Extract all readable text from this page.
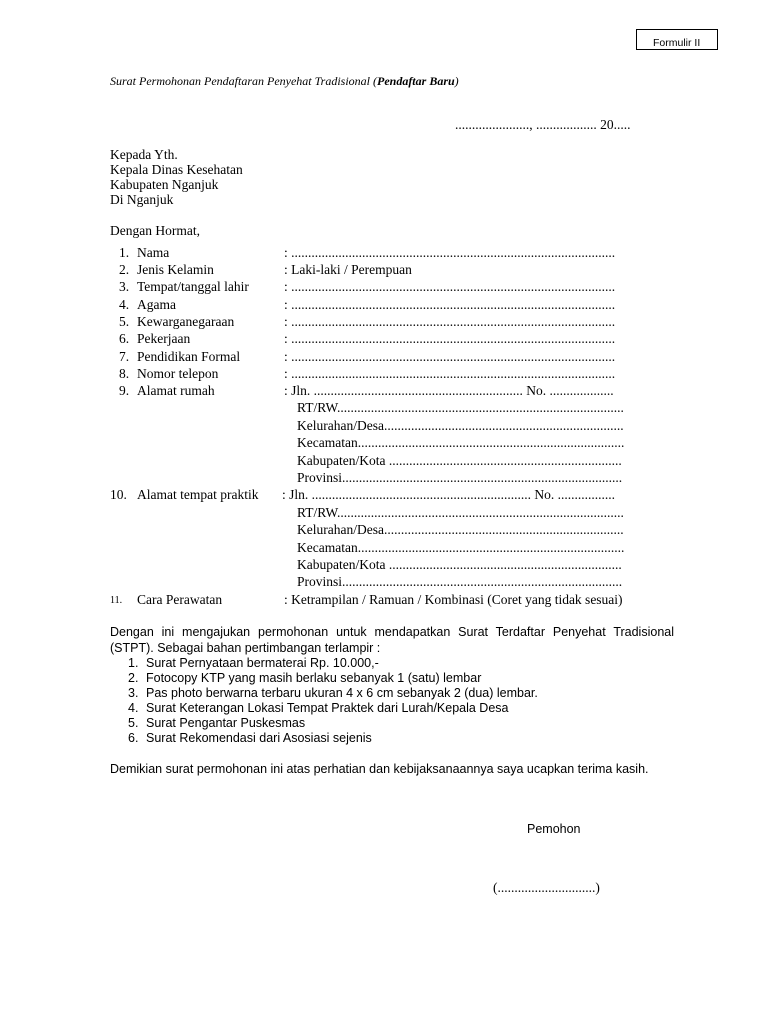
Formulir II
Surat Permohonan Pendaftaran Penyehat Tradisional (Pendaftar Baru)
......................, .................. 20.....
Kepada Yth.
Kepala Dinas Kesehatan
Kabupaten Nganjuk
Di Nganjuk
Dengan Hormat,
1. Nama	: ................................................................................................
2. Jenis Kelamin	: Laki-laki / Perempuan
3. Tempat/tanggal lahir	: ................................................................................................
4. Agama	: ................................................................................................
5. Kewarganegaraan	: ................................................................................................
6. Pekerjaan	: ................................................................................................
7. Pendidikan Formal	: ................................................................................................
8. Nomor telepon	: ................................................................................................
9. Alamat rumah	: Jln. .............................................................. No. ...................
RT/RW.....................................................................................
Kelurahan/Desa.......................................................................
Kecamatan...............................................................................
Kabupaten/Kota .....................................................................
Provinsi...................................................................................
10. Alamat tempat praktik : Jln. ................................................................. No. .................
RT/RW.....................................................................................
Kelurahan/Desa.......................................................................
Kecamatan...............................................................................
Kabupaten/Kota .....................................................................
Provinsi...................................................................................
11. Cara Perawatan	: Ketrampilan / Ramuan / Kombinasi (Coret yang tidak sesuai)
Dengan ini mengajukan permohonan untuk mendapatkan Surat Terdaftar Penyehat Tradisional (STPT). Sebagai bahan pertimbangan terlampir :
1. Surat Pernyataan bermaterai Rp. 10.000,-
2. Fotocopy KTP yang masih berlaku sebanyak 1 (satu) lembar
3. Pas photo berwarna terbaru ukuran 4 x 6 cm sebanyak 2 (dua) lembar.
4. Surat Keterangan Lokasi Tempat Praktek dari Lurah/Kepala Desa
5. Surat Pengantar Puskesmas
6. Surat Rekomendasi dari Asosiasi sejenis
Demikian surat permohonan ini atas perhatian dan kebijaksanaannya saya ucapkan terima kasih.
Pemohon
(.............................)
